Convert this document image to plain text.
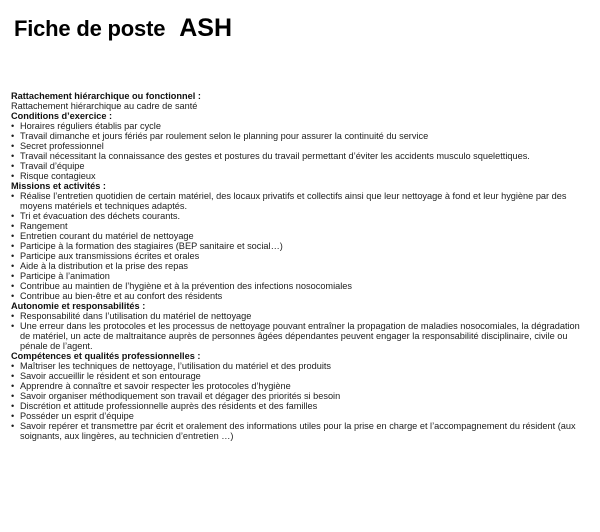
Fiche de poste ASH

Rattachement hiérarchique ou fonctionnel :

Rattachement hiérarchique au cadre de santé

Conditions d’exercice :

• Horaires réguliers établis par cycle
• Travail dimanche et jours fériés par roulement selon le planning pour assurer la continuité du service
• Secret professionnel
• Travail nécessitant la connaissance des gestes et postures du travail permettant d’éviter les accidents musculo squelettiques.
• Travail d’équipe
• Risque contagieux

Missions et activités :

• Réalise l’entretien quotidien de certain matériel, des locaux privatifs et collectifs ainsi que leur nettoyage à fond et leur hygiène par des moyens matériels et techniques adaptés.
• Tri et évacuation des déchets courants.
• Rangement
• Entretien courant du matériel de nettoyage
• Participe à la formation des stagiaires (BEP sanitaire et social…)
• Participe aux transmissions écrites et orales
• Aide à la distribution et la prise des repas
• Participe à l’animation
• Contribue au maintien de l’hygiène et à la prévention des infections nosocomiales
• Contribue au bien-être et au confort des résidents

Autonomie et responsabilités :

• Responsabilité dans l’utilisation du matériel de nettoyage
• Une erreur dans les protocoles et les processus de nettoyage pouvant entraîner la propagation de maladies nosocomiales, la dégradation de matériel, un acte de maltraitance auprès de personnes âgées dépendantes peuvent engager la responsabilité disciplinaire, civile ou pénale de l’agent.

Compétences et qualités professionnelles :

• Maîtriser les techniques de nettoyage, l’utilisation du matériel et des produits
• Savoir accueillir le résident et son entourage
• Apprendre à connaître et savoir respecter les protocoles d’hygiène
• Savoir organiser méthodiquement son travail et dégager des priorités si besoin
• Discrétion et attitude professionnelle auprès des résidents et des familles
• Posséder un esprit d’équipe
• Savoir repérer et transmettre par écrit et oralement des informations utiles pour la prise en charge et l’accompagnement du résident (aux soignants, aux lingères, au technicien d’entretien …)
